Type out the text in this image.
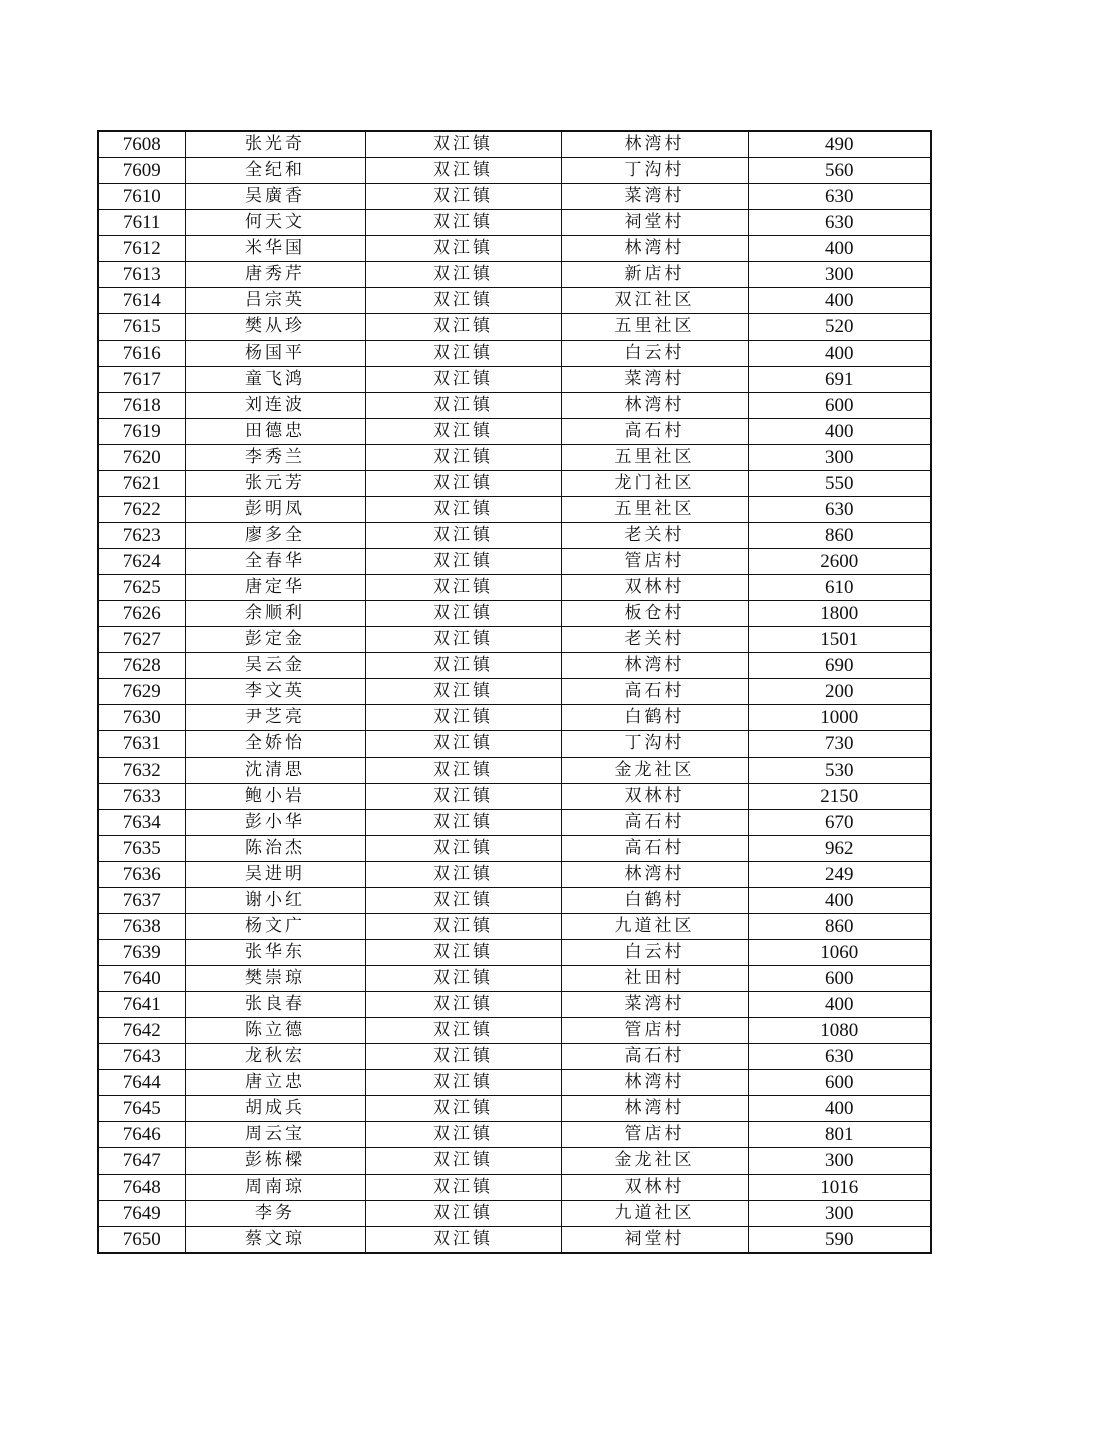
7608	张光奇	双江镇	林湾村	490
7609	全纪和	双江镇	丁沟村	560
7610	吴廣香	双江镇	菜湾村	630
7611	何天文	双江镇	祠堂村	630
7612	米华国	双江镇	林湾村	400
7613	唐秀芹	双江镇	新店村	300
7614	吕宗英	双江镇	双江社区	400
7615	樊从珍	双江镇	五里社区	520
7616	杨国平	双江镇	白云村	400
7617	童飞鸿	双江镇	菜湾村	691
7618	刘连波	双江镇	林湾村	600
7619	田德忠	双江镇	高石村	400
7620	李秀兰	双江镇	五里社区	300
7621	张元芳	双江镇	龙门社区	550
7622	彭明凤	双江镇	五里社区	630
7623	廖多全	双江镇	老关村	860
7624	全春华	双江镇	管店村	2600
7625	唐定华	双江镇	双林村	610
7626	余顺利	双江镇	板仓村	1800
7627	彭定金	双江镇	老关村	1501
7628	吴云金	双江镇	林湾村	690
7629	李文英	双江镇	高石村	200
7630	尹芝亮	双江镇	白鹤村	1000
7631	全娇怡	双江镇	丁沟村	730
7632	沈清思	双江镇	金龙社区	530
7633	鲍小岩	双江镇	双林村	2150
7634	彭小华	双江镇	高石村	670
7635	陈治杰	双江镇	高石村	962
7636	吴进明	双江镇	林湾村	249
7637	谢小红	双江镇	白鹤村	400
7638	杨文广	双江镇	九道社区	860
7639	张华东	双江镇	白云村	1060
7640	樊崇琼	双江镇	社田村	600
7641	张良春	双江镇	菜湾村	400
7642	陈立德	双江镇	管店村	1080
7643	龙秋宏	双江镇	高石村	630
7644	唐立忠	双江镇	林湾村	600
7645	胡成兵	双江镇	林湾村	400
7646	周云宝	双江镇	管店村	801
7647	彭栋樑	双江镇	金龙社区	300
7648	周南琼	双江镇	双林村	1016
7649	李务	双江镇	九道社区	300
7650	蔡文琼	双江镇	祠堂村	590
